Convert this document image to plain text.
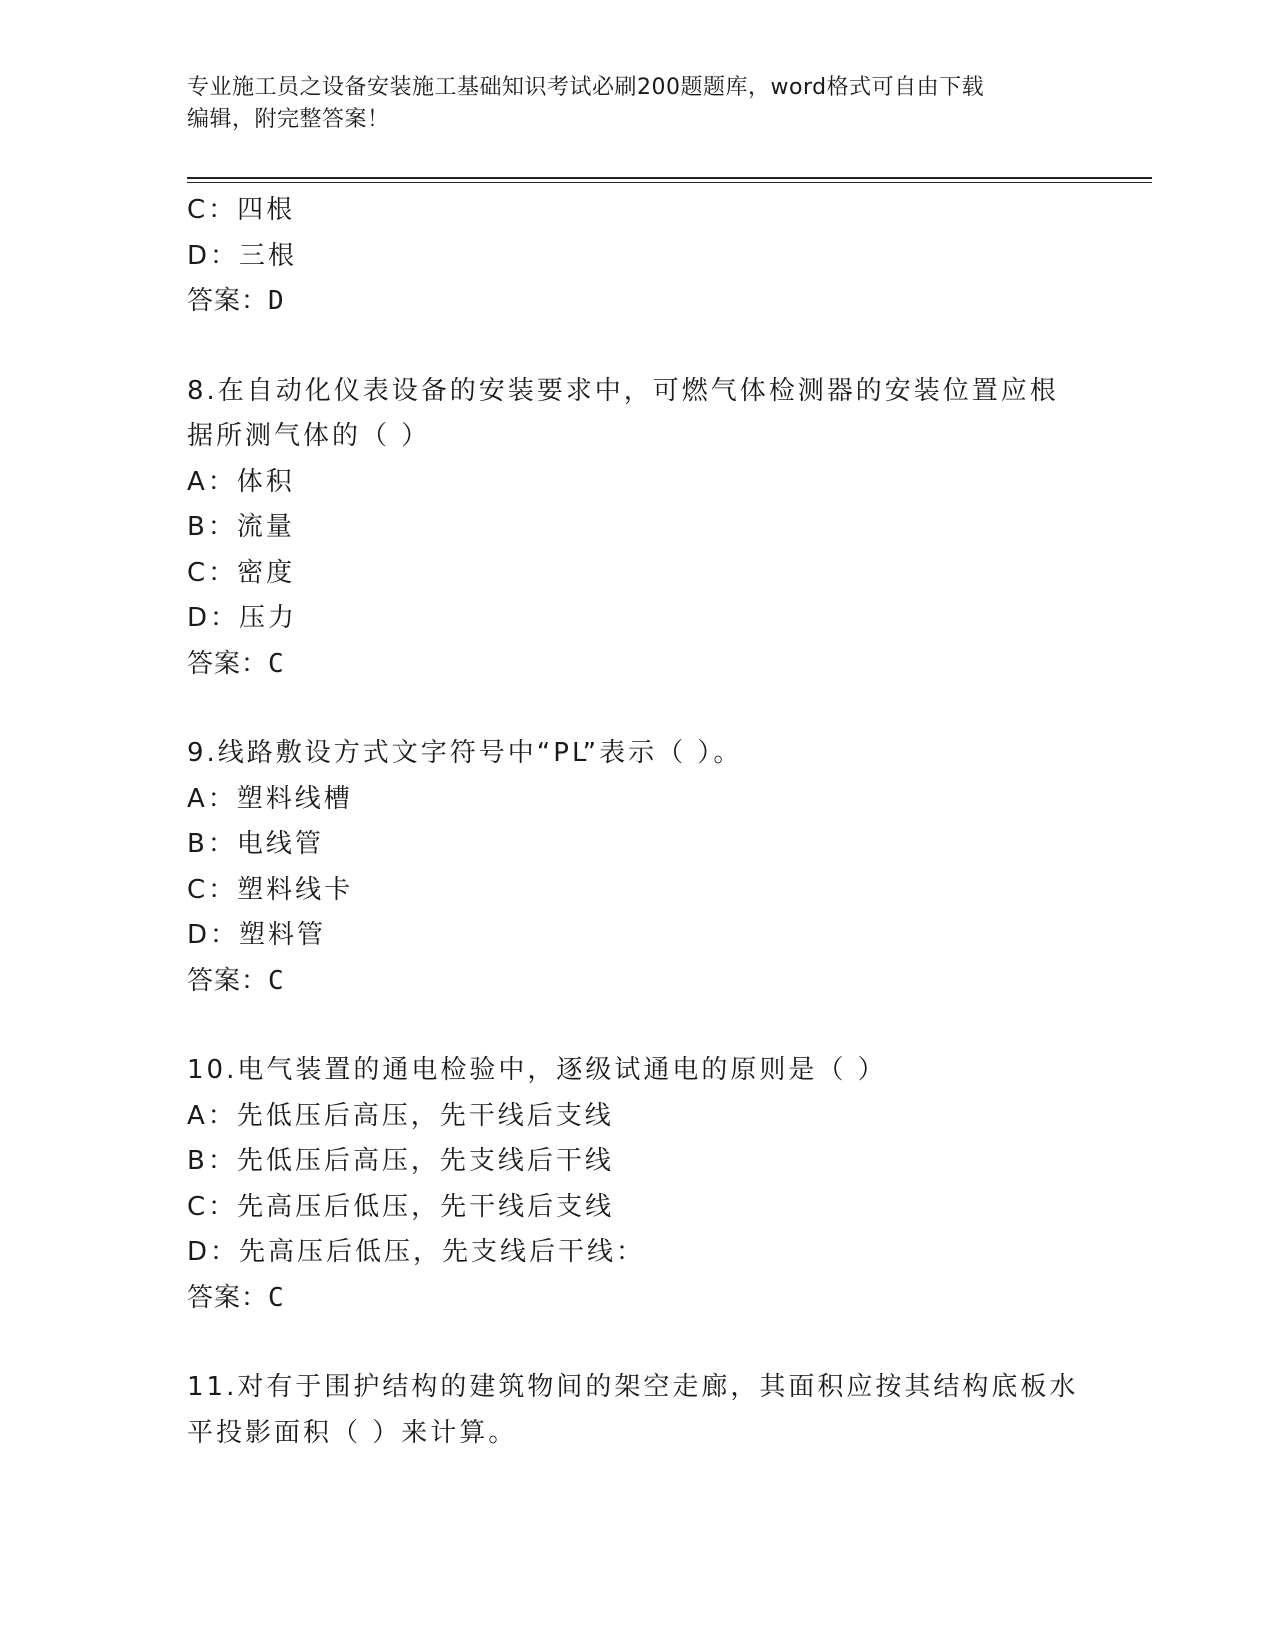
专业施工员之设备安装施工基础知识考试必刷200题题库，word格式可自由下载
编辑，附完整答案！
C：四根
D：三根
答案：D
8.在自动化仪表设备的安装要求中，可燃气体检测器的安装位置应根
据所测气体的（ ）
A：体积
B：流量
C：密度
D：压力
答案：C
9.线路敷设方式文字符号中“PL”表示（ ）。
A：塑料线槽
B：电线管
C：塑料线卡
D：塑料管
答案：C
10.电气装置的通电检验中，逐级试通电的原则是（ ）
A：先低压后高压，先干线后支线
B：先低压后高压，先支线后干线
C：先高压后低压，先干线后支线
D：先高压后低压，先支线后干线：
答案：C
11.对有于围护结构的建筑物间的架空走廊，其面积应按其结构底板水
平投影面积（ ）来计算。
